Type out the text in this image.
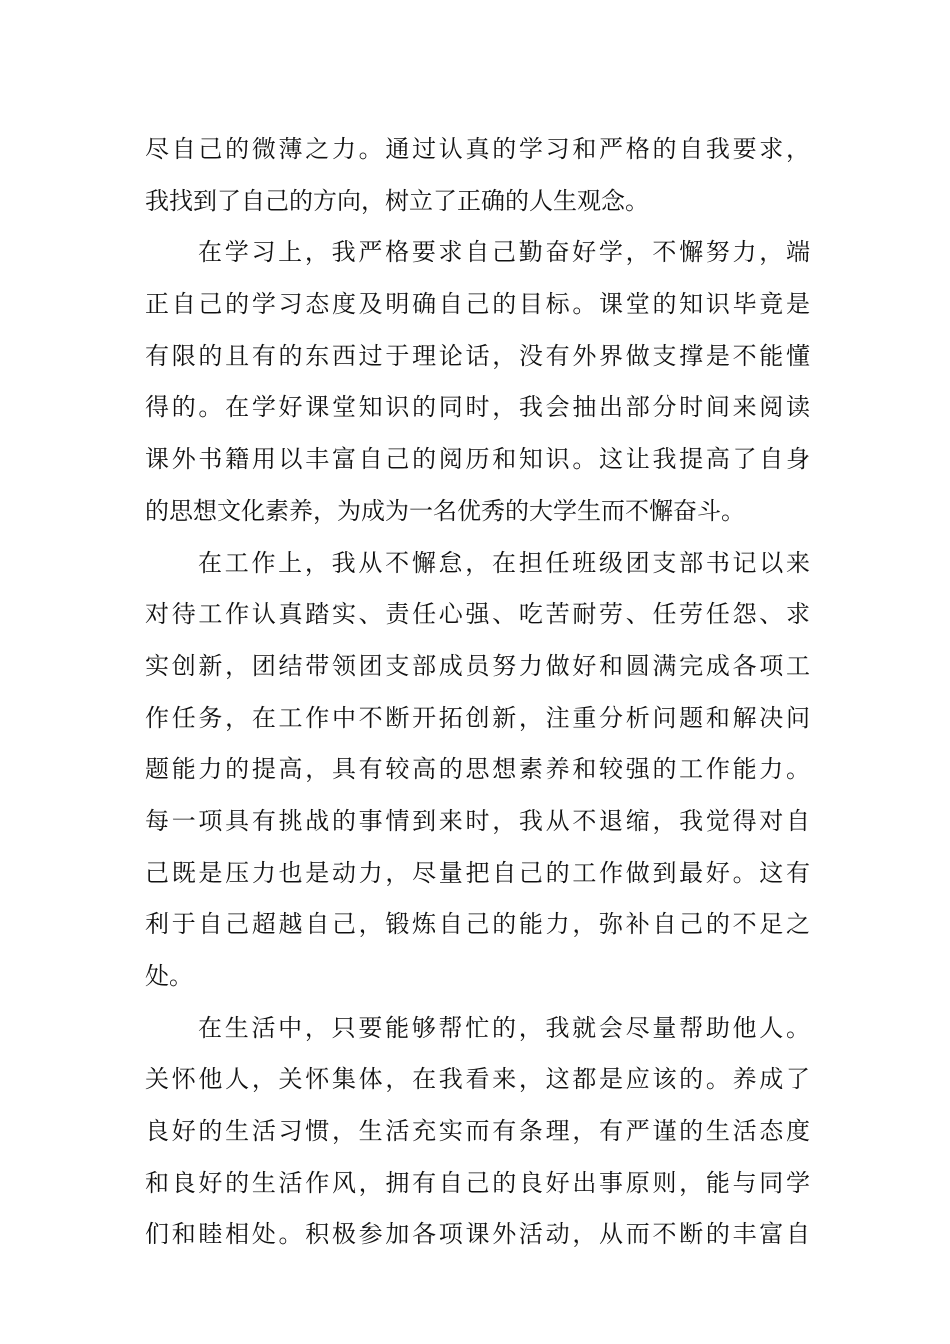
尽自己的微薄之力。通过认真的学习和严格的自我要求，
我找到了自己的方向，树立了正确的人生观念。
在学习上，我严格要求自己勤奋好学，不懈努力，端
正自己的学习态度及明确自己的目标。课堂的知识毕竟是
有限的且有的东西过于理论话，没有外界做支撑是不能懂
得的。在学好课堂知识的同时，我会抽出部分时间来阅读
课外书籍用以丰富自己的阅历和知识。这让我提高了自身
的思想文化素养，为成为一名优秀的大学生而不懈奋斗。
在工作上，我从不懈怠，在担任班级团支部书记以来
对待工作认真踏实、责任心强、吃苦耐劳、任劳任怨、求
实创新，团结带领团支部成员努力做好和圆满完成各项工
作任务，在工作中不断开拓创新，注重分析问题和解决问
题能力的提高，具有较高的思想素养和较强的工作能力。
每一项具有挑战的事情到来时，我从不退缩，我觉得对自
己既是压力也是动力，尽量把自己的工作做到最好。这有
利于自己超越自己，锻炼自己的能力，弥补自己的不足之
处。
在生活中，只要能够帮忙的，我就会尽量帮助他人。
关怀他人，关怀集体，在我看来，这都是应该的。养成了
良好的生活习惯，生活充实而有条理，有严谨的生活态度
和良好的生活作风，拥有自己的良好出事原则，能与同学
们和睦相处。积极参加各项课外活动，从而不断的丰富自
